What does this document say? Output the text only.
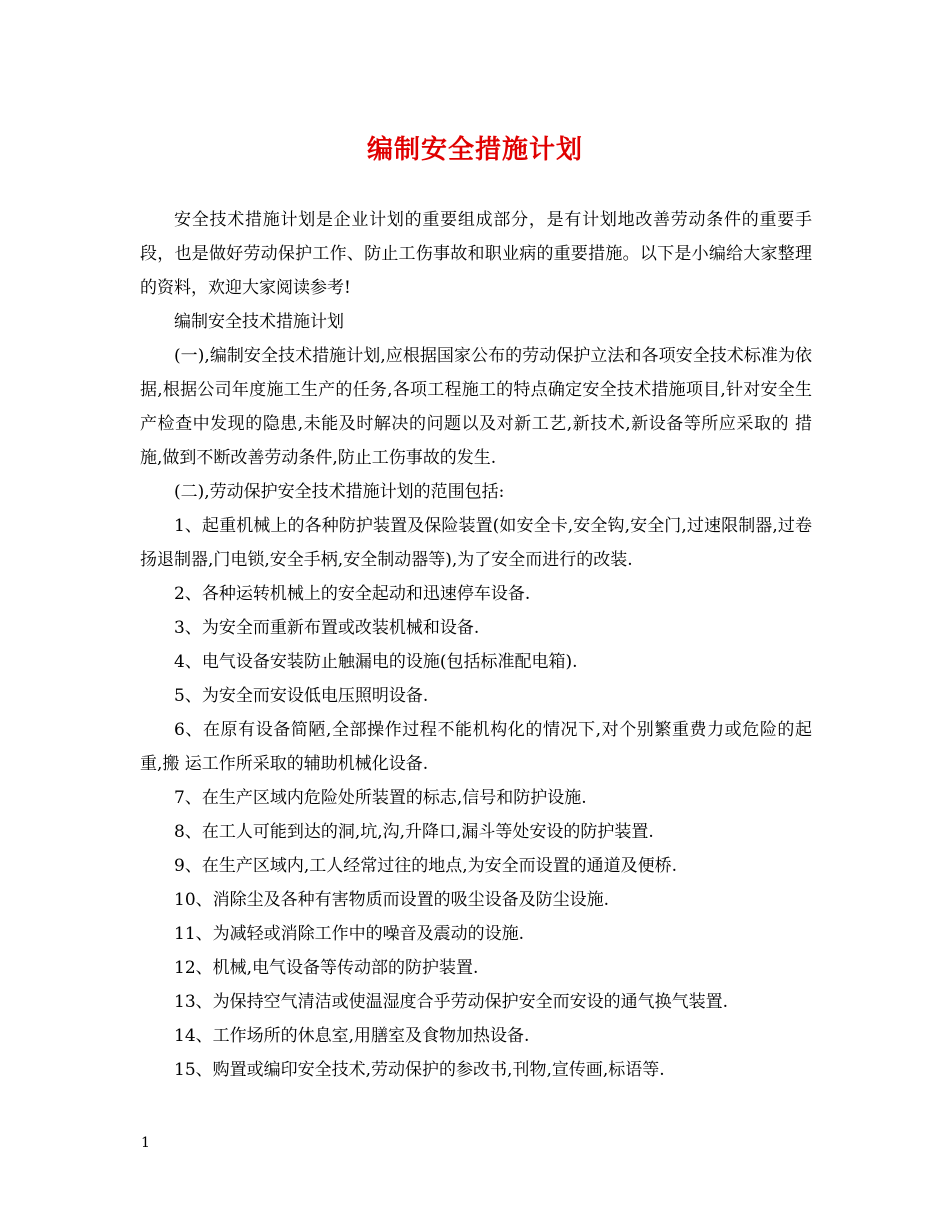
编制安全措施计划

安全技术措施计划是企业计划的重要组成部分，是有计划地改善劳动条件的重要手段，也是做好劳动保护工作、防止工伤事故和职业病的重要措施。以下是小编给大家整理的资料，欢迎大家阅读参考!

编制安全技术措施计划

(一),编制安全技术措施计划,应根据国家公布的劳动保护立法和各项安全技术标准为依 据,根据公司年度施工生产的任务,各项工程施工的特点确定安全技术措施项目,针对安全生产检查中发现的隐患,未能及时解决的问题以及对新工艺,新技术,新设备等所应采取的 措施,做到不断改善劳动条件,防止工伤事故的发生.

(二),劳动保护安全技术措施计划的范围包括:

1、起重机械上的各种防护装置及保险装置(如安全卡,安全钩,安全门,过速限制器,过卷 扬退制器,门电锁,安全手柄,安全制动器等),为了安全而进行的改装.

2、各种运转机械上的安全起动和迅速停车设备.

3、为安全而重新布置或改装机械和设备.

4、电气设备安装防止触漏电的设施(包括标准配电箱).

5、为安全而安设低电压照明设备.

6、在原有设备简陋,全部操作过程不能机构化的情况下,对个别繁重费力或危险的起重,搬 运工作所采取的辅助机械化设备.

7、在生产区域内危险处所装置的标志,信号和防护设施.

8、在工人可能到达的洞,坑,沟,升降口,漏斗等处安设的防护装置.

9、在生产区域内,工人经常过往的地点,为安全而设置的通道及便桥.

10、消除尘及各种有害物质而设置的吸尘设备及防尘设施.

11、为减轻或消除工作中的噪音及震动的设施.

12、机械,电气设备等传动部的防护装置.

13、为保持空气清洁或使温湿度合乎劳动保护安全而安设的通气换气装置.

14、工作场所的休息室,用膳室及食物加热设备.

15、购置或编印安全技术,劳动保护的参改书,刊物,宣传画,标语等.

1
